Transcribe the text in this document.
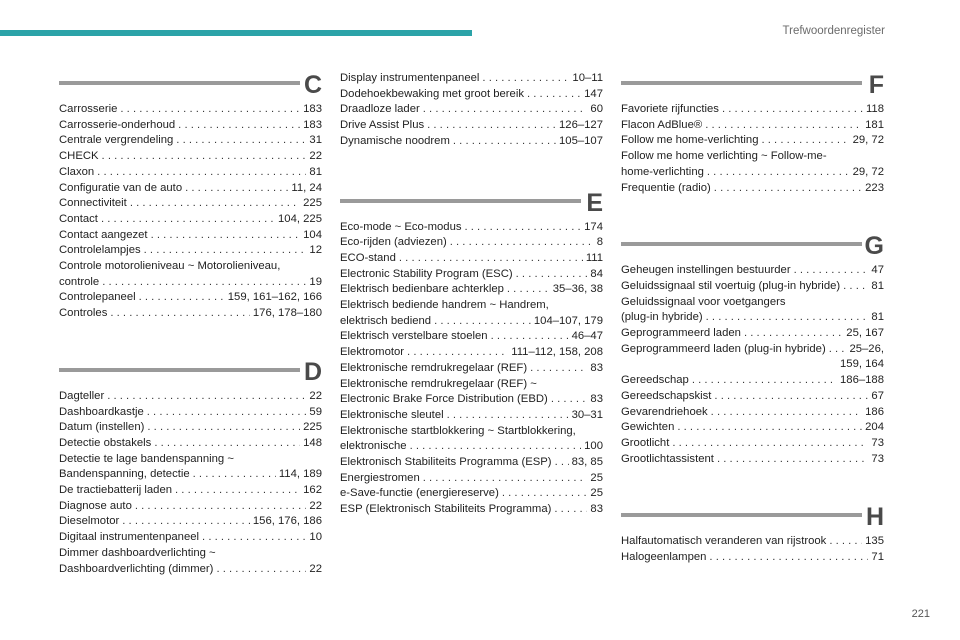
Trefwoordenregister
C
Carrosserie . . .	183
Carrosserie-onderhoud . . .	183
Centrale vergrendeling . . .	31
CHECK . . .	22
Claxon . . .	81
Configuratie van de auto . . .	11, 24
Connectiviteit . . .	225
Contact . . .	104, 225
Contact aangezet . . .	104
Controlelampjes . . .	12
Controle motorolieniveau ~ Motorolieniveau,
controle . . .	19
Controlepaneel . . .	159, 161–162, 166
Controles . . .	176, 178–180
D
Dagteller . . .	22
Dashboardkastje . . .	59
Datum (instellen) . . .	225
Detectie obstakels . . .	148
Detectie te lage bandenspanning ~
Bandenspanning, detectie . . .	114, 189
De tractiebatterij laden . . .	162
Diagnose auto . . .	22
Dieselmotor . . .	156, 176, 186
Digitaal instrumentenpaneel . . .	10
Dimmer dashboardverlichting ~
Dashboardverlichting (dimmer) . . .	22
Display instrumentenpaneel . . .	10–11
Dodehoekbewaking met groot bereik . . .	147
Draadloze lader . . .	60
Drive Assist Plus . . .	126–127
Dynamische noodrem . . .	105–107
E
Eco-mode ~ Eco-modus . . .	174
Eco-rijden (adviezen) . . .	8
ECO-stand . . .	111
Electronic Stability Program (ESC) . . .	84
Elektrisch bedienbare achterklep . . .	35–36, 38
Elektrisch bediende handrem ~ Handrem,
elektrisch bediend . . .	104–107, 179
Elektrisch verstelbare stoelen . . .	46–47
Elektromotor . . .	111–112, 158, 208
Elektronische remdrukregelaar (REF) . . .	83
Elektronische remdrukregelaar (REF) ~
Electronic Brake Force Distribution (EBD) . . .	83
Elektronische sleutel . . .	30–31
Elektronische startblokkering ~ Startblokkering,
elektronische . . .	100
Elektronisch Stabiliteits Programma (ESP) . . . 83, 85
Energiestromen . . .	25
e-Save-functie (energiereserve) . . .	25
ESP (Elektronisch Stabiliteits Programma) . . .	83
F
Favoriete rijfuncties . . .	118
Flacon AdBlue® . . .	181
Follow me home-verlichting . . .	29, 72
Follow me home verlichting ~ Follow-me-
home-verlichting . . .	29, 72
Frequentie (radio) . . .	223
G
Geheugen instellingen bestuurder . . .	47
Geluidssignaal stil voertuig (plug-in hybride) . . .	81
Geluidssignaal voor voetgangers
(plug-in hybride) . . .	81
Geprogrammeerd laden . . .	25, 167
Geprogrammeerd laden (plug-in hybride) . . . 25–26,
159, 164
Gereedschap . . .	186–188
Gereedschapskist . . .	67
Gevarendriehoek . . .	186
Gewichten . . .	204
Grootlicht . . .	73
Grootlichtassistent . . .	73
H
Halfautomatisch veranderen van rijstrook . . .	135
Halogeenlampen . . .	71
221
